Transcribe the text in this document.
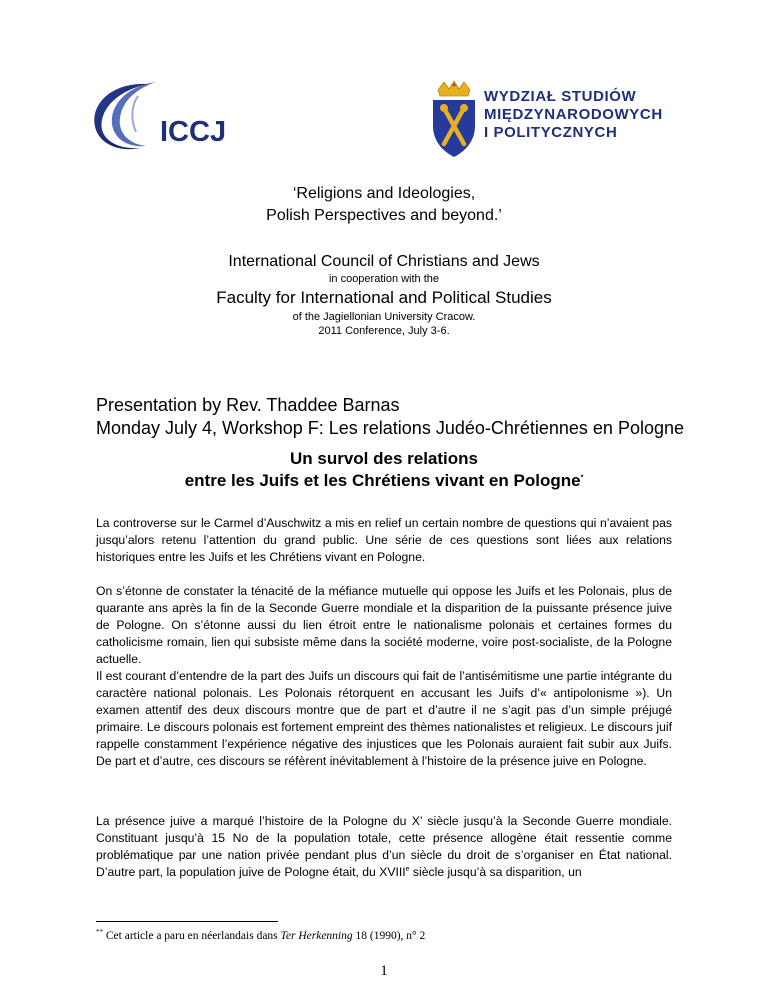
ICCJ
WYDZIAŁ STUDIÓW
MIĘDZYNARODOWYCH
I POLITYCZNYCH
‘Religions and Ideologies,
Polish Perspectives and beyond.’
International Council of Christians and Jews
in cooperation with the
Faculty for International and Political Studies
of the Jagiellonian University Cracow.
2011 Conference, July 3-6.
Presentation by Rev. Thaddee Barnas
Monday July 4, Workshop F: Les relations Judéo-Chrétiennes en Pologne
Un survol des relations
entre les Juifs et les Chrétiens vivant en Pologne*
La controverse sur le Carmel d’Auschwitz a mis en relief un certain nombre de questions qui n’avaient pas jusqu’alors retenu l’attention du grand public. Une série de ces questions sont liées aux relations historiques entre les Juifs et les Chrétiens vivant en Pologne.
On s’étonne de constater la ténacité de la méfiance mutuelle qui oppose les Juifs et les Polonais, plus de quarante ans après la fin de la Seconde Guerre mondiale et la disparition de la puissante présence juive de Pologne. On s’étonne aussi du lien étroit entre le nationalisme polonais et certaines formes du catholicisme romain, lien qui subsiste même dans la société moderne, voire post-socialiste, de la Pologne actuelle.
Il est courant d’entendre de la part des Juifs un discours qui fait de l’antisémitisme une partie intégrante du caractère national polonais. Les Polonais rétorquent en accusant les Juifs d’« antipolonisme »). Un examen attentif des deux discours montre que de part et d’autre il ne s’agit pas d’un simple préjugé primaire. Le discours polonais est fortement empreint des thèmes nationalistes et religieux. Le discours juif rappelle constamment l’expérience négative des injustices que les Polonais auraient fait subir aux Juifs. De part et d’autre, ces discours se réfèrent inévitablement à l’histoire de la présence juive en Pologne.
La présence juive a marqué l’histoire de la Pologne du X’ siècle jusqu’à la Seconde Guerre mondiale. Constituant jusqu’à 15 No de la population totale, cette présence allogène était ressentie comme problématique par une nation privée pendant plus d’un siècle du droit de s’organiser en État national. D’autre part, la population juive de Pologne était, du XVIIIe siècle jusqu’à sa disparition, un
** Cet article a paru en néerlandais dans Ter Herkenning 18 (1990), n° 2
1
